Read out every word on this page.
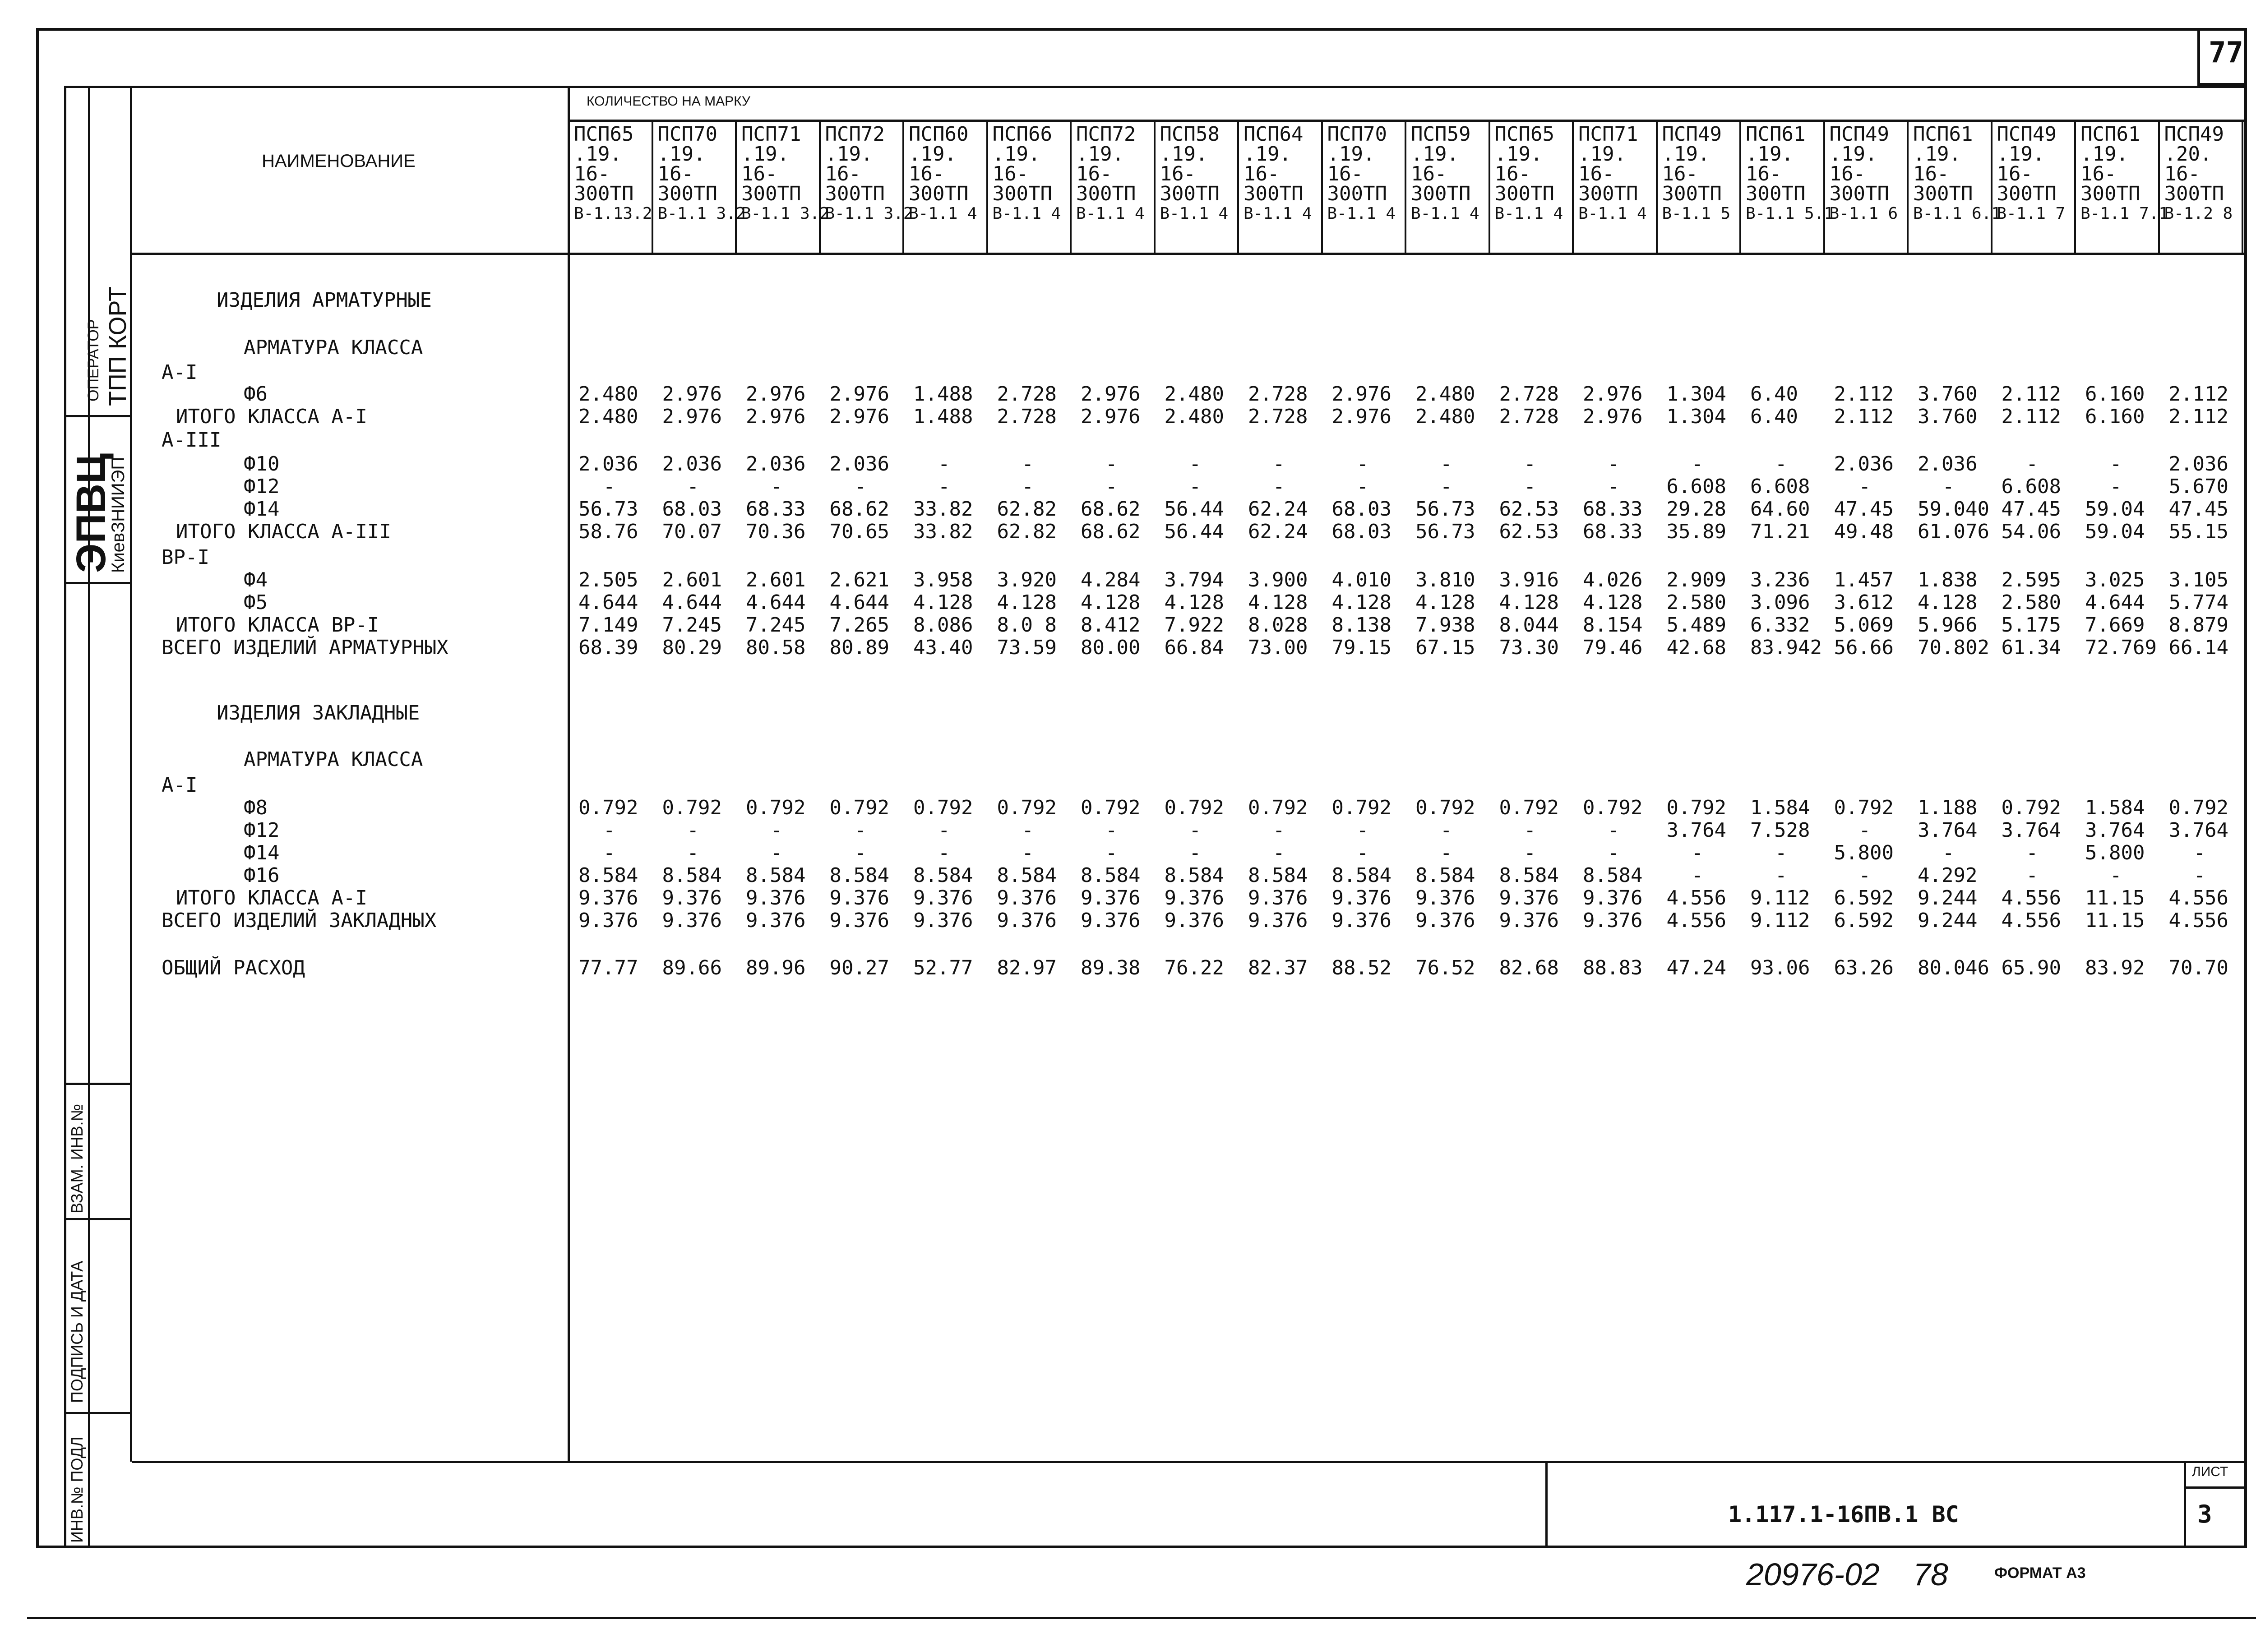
77
ЭПВЦ
КиевЗНИИЭП
ОПЕРАТОР ТПП КОРТ
ВЗАМ. ИНВ.№
ПОДПИСЬ И ДАТА
ИНВ.№ ПОДЛ
НАИМЕНОВАНИЕ
КОЛИЧЕСТВО НА МАРКУ
ПСП65
.19.
16-
300ТП
В-1.13.2
ПСП70
.19.
16-
300ТП
В-1.1 3.2
ПСП71
.19.
16-
300ТП
В-1.1 3.2
ПСП72
.19.
16-
300ТП
В-1.1 3.2
ПСП60
.19.
16-
300ТП
В-1.1 4
ПСП66
.19.
16-
300ТП
В-1.1 4
ПСП72
.19.
16-
300ТП
В-1.1 4
ПСП58
.19.
16-
300ТП
В-1.1 4
ПСП64
.19.
16-
300ТП
В-1.1 4
ПСП70
.19.
16-
300ТП
В-1.1 4
ПСП59
.19.
16-
300ТП
В-1.1 4
ПСП65
.19.
16-
300ТП
В-1.1 4
ПСП71
.19.
16-
300ТП
В-1.1 4
ПСП49
.19.
16-
300ТП
В-1.1 5
ПСП61
.19.
16-
300ТП
В-1.1 5.1
ПСП49
.19.
16-
300ТП
В-1.1 6
ПСП61
.19.
16-
300ТП
В-1.1 6.1
ПСП49
.19.
16-
300ТП
В-1.1 7
ПСП61
.19.
16-
300ТП
В-1.1 7.1
ПСП49
.20.
16-
300ТП
В-1.2 8
ИЗДЕЛИЯ АРМАТУРНЫЕ
АРМАТУРА КЛАССА
А-I
Ф6	2.480 2.976 2.976 2.976 1.488 2.728 2.976 2.480 2.728 2.976 2.480 2.728 2.976 1.304 6.40 2.112 3.760 2.112 6.160 2.112
ИТОГО КЛАССА А-I	2.480 2.976 2.976 2.976 1.488 2.728 2.976 2.480 2.728 2.976 2.480 2.728 2.976 1.304 6.40 2.112 3.760 2.112 6.160 2.112
А-III
Ф10	2.036 2.036 2.036 2.036 -	-	-	-	-	-	-	-	-	-	- 2.036 2.036 -	- 2.036
Ф12	-	-	-	-	-	-	-	-	-	-	-	-	- 6.608 6.608 -	- 6.608 - 5.670
Ф14	56.73 68.03 68.33 68.62 33.82 62.82 68.62 56.44 62.24 68.03 56.73 62.53 68.33 29.28 64.60 47.45 59.040 47.45 59.04 47.45
ИТОГО КЛАССА А-III	58.76 70.07 70.36 70.65 33.82 62.82 68.62 56.44 62.24 68.03 56.73 62.53 68.33 35.89 71.21 49.48 61.076 54.06 59.04 55.15
ВР-I
Ф4	2.505 2.601 2.601 2.621 3.958 3.920 4.284 3.794 3.900 4.010 3.810 3.916 4.026 2.909 3.236 1.457 1.838 2.595 3.025 3.105
Ф5	4.644 4.644 4.644 4.644 4.128 4.128 4.128 4.128 4.128 4.128 4.128 4.128 4.128 2.580 3.096 3.612 4.128 2.580 4.644 5.774
ИТОГО КЛАССА ВР-I	7.149 7.245 7.245 7.265 8.086 8.0 8 8.412 7.922 8.028 8.138 7.938 8.044 8.154 5.489 6.332 5.069 5.966 5.175 7.669 8.879
ВСЕГО ИЗДЕЛИЙ АРМАТУРНЫХ	68.39 80.29 80.58 80.89 43.40 73.59 80.00 66.84 73.00 79.15 67.15 73.30 79.46 42.68 83.942 56.66 70.802 61.34 72.769 66.14
ИЗДЕЛИЯ ЗАКЛАДНЫЕ
АРМАТУРА КЛАССА
А-I
Ф8	0.792 0.792 0.792 0.792 0.792 0.792 0.792 0.792 0.792 0.792 0.792 0.792 0.792 0.792 1.584 0.792 1.188 0.792 1.584 0.792
Ф12	-	-	-	-	-	-	-	-	-	-	-	-	- 3.764 7.528 - 3.764 3.764 3.764 3.764
Ф14	-	-	-	-	-	-	-	-	-	-	-	-	-	-	- 5.800 -	- 5.800 -
Ф16	8.584 8.584 8.584 8.584 8.584 8.584 8.584 8.584 8.584 8.584 8.584 8.584 8.584 -	-	- 4.292 -	-	-
ИТОГО КЛАССА А-I	9.376 9.376 9.376 9.376 9.376 9.376 9.376 9.376 9.376 9.376 9.376 9.376 9.376 4.556 9.112 6.592 9.244 4.556 11.15 4.556
ВСЕГО ИЗДЕЛИЙ ЗАКЛАДНЫХ	9.376 9.376 9.376 9.376 9.376 9.376 9.376 9.376 9.376 9.376 9.376 9.376 9.376 4.556 9.112 6.592 9.244 4.556 11.15 4.556
ОБЩИЙ РАСХОД	77.77 89.66 89.96 90.27 52.77 82.97 89.38 76.22 82.37 88.52 76.52 82.68 88.83 47.24 93.06 63.26 80.046 65.90 83.92 70.70
1.117.1-16ПВ.1 ВС
ЛИСТ
3
20976-02 78	ФОРМАТ А3
